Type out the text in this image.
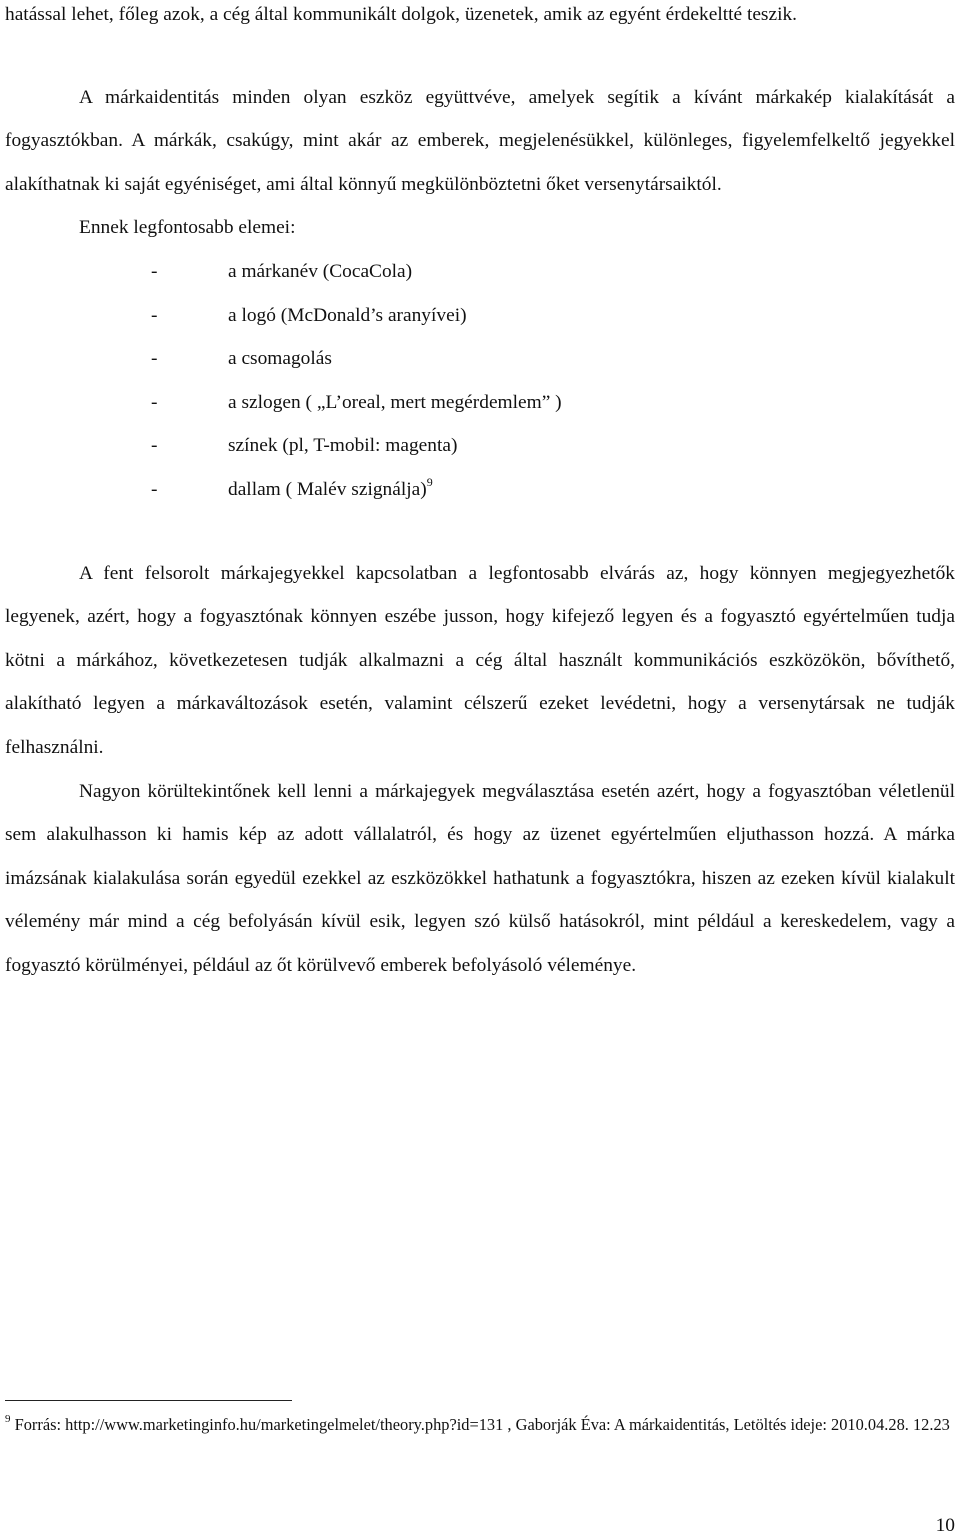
hatással lehet, főleg azok, a cég által kommunikált dolgok, üzenetek, amik az egyént érdekeltté teszik.

A márkaidentitás minden olyan eszköz együttvéve, amelyek segítik a kívánt márkakép kialakítását a fogyasztókban. A márkák, csakúgy, mint akár az emberek, megjelenésükkel, különleges, figyelemfelkeltő jegyekkel alakíthatnak ki saját egyéniséget, ami által könnyű megkülönböztetni őket versenytársaiktól.

Ennek legfontosabb elemei:
-	a márkanév (CocaCola)
-	a logó (McDonald’s aranyívei)
-	a csomagolás
-	a szlogen ( „L’oreal, mert megérdemlem” )
-	színek (pl, T-mobil: magenta)
-	dallam ( Malév szignálja)$^9$

A fent felsorolt márkajegyekkel kapcsolatban a legfontosabb elvárás az, hogy könnyen megjegyezhetők legyenek, azért, hogy a fogyasztónak könnyen eszébe jusson, hogy kifejező legyen és a fogyasztó egyértelműen tudja kötni a márkához, következetesen tudják alkalmazni a cég által használt kommunikációs eszközökön, bővíthető, alakítható legyen a márkaváltozások esetén, valamint célszerű ezeket levédetni, hogy a versenytársak ne tudják felhasználni.

Nagyon körültekintőnek kell lenni a márkajegyek megválasztása esetén azért, hogy a fogyasztóban véletlenül sem alakulhasson ki hamis kép az adott vállalatról, és hogy az üzenet egyértelműen eljuthasson hozzá. A márka imázsának kialakulása során egyedül ezekkel az eszközökkel hathatunk a fogyasztókra, hiszen az ezeken kívül kialakult vélemény már mind a cég befolyásán kívül esik, legyen szó külső hatásokról, mint például a kereskedelem, vagy a fogyasztó körülményei, például az őt körülvevő emberek befolyásoló véleménye.

$^9$ Forrás: http://www.marketinginfo.hu/marketingelmelet/theory.php?id=131 , Gaborják Éva: A márkaidentitás, Letöltés ideje: 2010.04.28. 12.23
10
